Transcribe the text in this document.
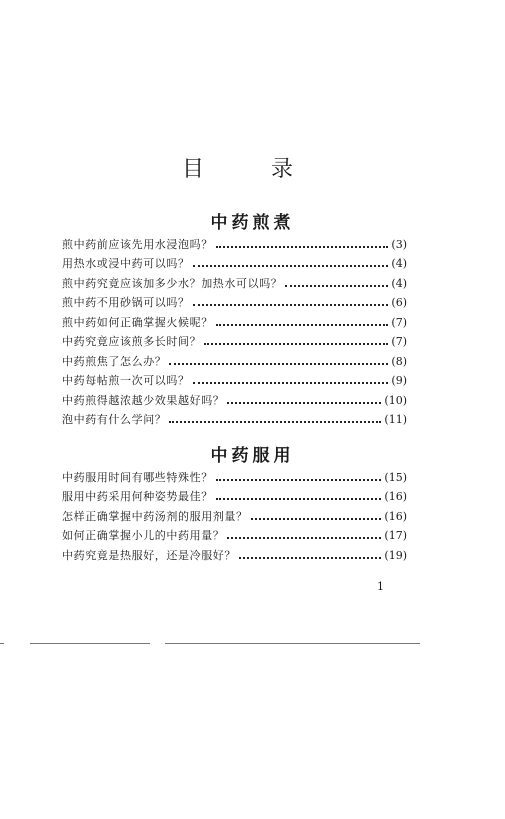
目 录
中药煎煮
煎中药前应该先用水浸泡吗？	(3)
用热水或浸中药可以吗？	(4)
煎中药究竟应该加多少水？加热水可以吗？	(4)
煎中药不用砂锅可以吗？	(6)
煎中药如何正确掌握火候呢？	(7)
中药究竟应该煎多长时间？	(7)
中药煎焦了怎么办？	(8)
中药每帖煎一次可以吗？	(9)
中药煎得越浓越少效果越好吗？	(10)
泡中药有什么学问？	(11)
中药服用
中药服用时间有哪些特殊性？	(15)
服用中药采用何种姿势最佳？	(16)
怎样正确掌握中药汤剂的服用剂量？	(16)
如何正确掌握小儿的中药用量？	(17)
中药究竟是热服好，还是冷服好？	(19)
1
